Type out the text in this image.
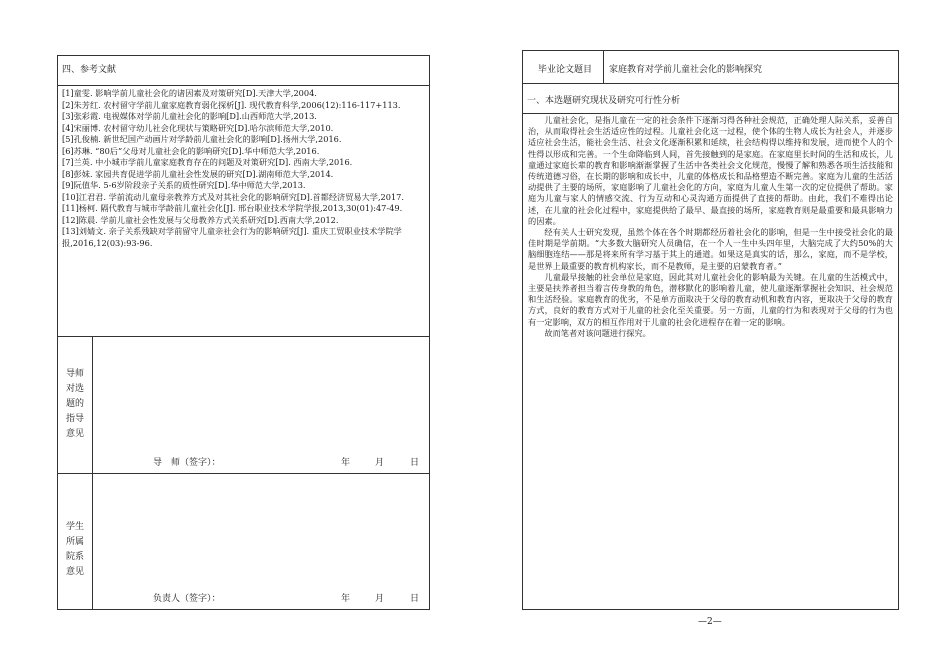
四、参考文献
[1]童雯. 影响学前儿童社会化的诸因素及对策研究[D].天津大学,2004.
[2]朱芳红. 农村留守学前儿童家庭教育弱化探析[J]. 现代教育科学,2006(12):116-117+113.
[3]张彩霞. 电视媒体对学前儿童社会化的影响[D].山西师范大学,2013.
[4]宋丽博. 农村留守幼儿社会化现状与策略研究[D].哈尔滨师范大学,2010.
[5]孔俊楠. 新世纪国产动画片对学龄前儿童社会化的影响[D].扬州大学,2016.
[6]苏琳. “80后”父母对儿童社会化的影响研究[D].华中师范大学,2016.
[7]兰英. 中小城市学前儿童家庭教育存在的问题及对策研究[D]. 西南大学,2016.
[8]彭妹. 家园共育促进学前儿童社会性发展的研究[D].湖南师范大学,2014.
[9]阮值华. 5-6岁阶段亲子关系的质性研究[D].华中师范大学,2013.
[10]江君君. 学前流动儿童母亲教养方式及对其社会化的影响研究[D].首都经济贸易大学,2017.
[11]杨柯. 隔代教育与城市学龄前儿童社会化[J]. 邢台职业技术学院学报,2013,30(01):47-49.
[12]陈晨. 学前儿童社会性发展与父母教养方式关系研究[D].西南大学,2012.
[13]刘婧文. 亲子关系残缺对学前留守儿童亲社会行为的影响研究[J]. 重庆工贸职业技术学院学报,2016,12(03):93-96.
导师
对选
题的
指导
意见
导　师（签字）：	年	月	日
学生
所属
院系
意见
负责人（签字）：	年	月	日
毕业论文题目 家庭教育对学前儿童社会化的影响探究
一、本选题研究现状及研究可行性分析

儿童社会化，是指儿童在一定的社会条件下逐渐习得各种社会规范，正确处理人际关系，妥善自治，从而取得社会生活适应性的过程。儿童社会化这一过程，使个体的生物人成长为社会人，并逐步适应社会生活，能社会生活、社会文化逐渐积累和延续，社会结构得以维持和发展，进而使个人的个性得以形成和完善。一个生命降临到人间，首先接触到的是家庭。在家庭里长时间的生活和成长，儿童通过家庭长辈的教育和影响渐渐掌握了生活中各类社会文化规范，慢慢了解和熟悉各项生活技能和传统道德习俗，在长期的影响和成长中，儿童的体格成长和品格塑造不断完善。家庭为儿童的生活活动提供了主要的场所，家庭影响了儿童社会化的方向，家庭为儿童人生第一次的定位提供了帮助。家庭为儿童与家人的情感交流、行为互动和心灵沟通方面提供了直接的帮助。由此，我们不难得出论述，在儿童的社会化过程中，家庭提供给了最早、最直接的场所，家庭教育则是最重要和最具影响力的因素。

经有关人士研究发现，虽然个体在各个时期都经历着社会化的影响，但是一生中接受社会化的最佳时期是学前期。“大多数大脑研究人员确信，在一个人一生中头四年里，大脑完成了大约50%的大脑细胞连结——那是将来所有学习基于其上的通道。如果这是真实的话，那么，家庭，而不是学校，是世界上最重要的教育机构家长，而不是教师，是主要的启蒙教育者。”

儿童最早接触的社会单位是家庭，因此其对儿童社会化的影响最为关键。在儿童的生活模式中，主要是扶养者担当着言传身教的角色，潜移默化的影响着儿童，使儿童逐渐掌握社会知识、社会规范和生活经验。家庭教育的优劣，不是单方面取决于父母的教育动机和教育内容，更取决于父母的教育方式，良好的教育方式对于儿童的社会化至关重要。另一方面，儿童的行为和表现对于父母的行为也有一定影响，双方的相互作用对于儿童的社会化进程存在着一定的影响。

故而笔者对该问题进行探究。

—2—
